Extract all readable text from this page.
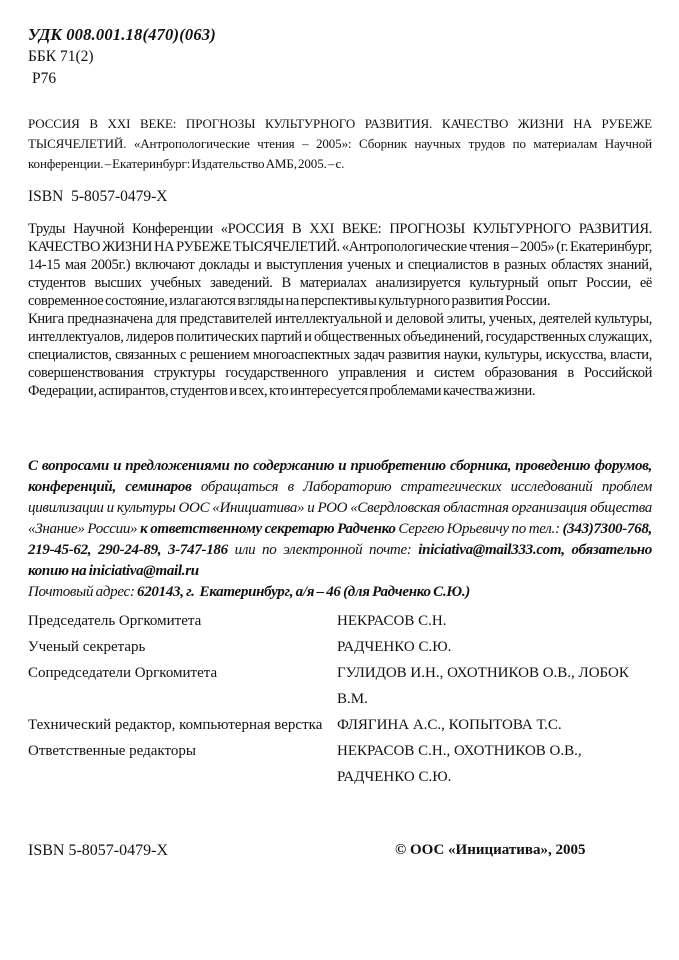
УДК 008.001.18(470)(063)
ББК 71(2)
Р76
РОССИЯ В XXI ВЕКЕ: ПРОГНОЗЫ КУЛЬТУРНОГО РАЗВИТИЯ. КАЧЕСТВО ЖИЗНИ НА РУБЕЖЕ ТЫСЯЧЕЛЕТИЙ. «Антропологические чтения – 2005»: Сборник научных трудов по материалам Научной конференции. – Екатеринбург: Издательство АМБ, 2005. – с.
ISBN  5-8057-0479-X

Труды Научной Конференции «РОССИЯ В XXI ВЕКЕ: ПРОГНОЗЫ КУЛЬТУРНОГО РАЗВИТИЯ. КАЧЕСТВО ЖИЗНИ НА РУБЕЖЕ ТЫСЯЧЕЛЕТИЙ. «Антропологические чтения – 2005» (г. Екатеринбург, 14-15 мая 2005г.) включают доклады и выступления ученых и специалистов в разных областях знаний, студентов высших учебных заведений. В материалах анализируется культурный опыт России, её современное состояние, излагаются взгляды на перспективы культурного развития России.

Книга предназначена для представителей интеллектуальной и деловой элиты, ученых, деятелей культуры, интеллектуалов, лидеров политических партий и общественных объединений, государственных служащих, специалистов, связанных с решением многоаспектных задач развития науки, культуры, искусства, власти, совершенствования структуры государственного управления и систем образования в Российской Федерации, аспирантов, студентов и всех, кто интересуется проблемами качества жизни.

С вопросами и предложениями по содержанию и приобретению сборника, проведению форумов, конференций, семинаров обращаться в Лабораторию стратегических исследований проблем цивилизации и культуры ООС «Инициатива» и РОО «Свердловская областная организация общества «Знание» России» к ответственному секретарю Радченко Сергею Юрьевичу по тел.: (343)7300-768, 219-45-62, 290-24-89, 3-747-186 или по электронной почте: iniciativa@mail333.com, обязательно копию на iniciativa@mail.ru

Почтовый адрес: 620143, г.  Екатеринбург, а/я – 46 (для Радченко С.Ю.)

Председатель Оргкомитета	НЕКРАСОВ С.Н.
Ученый секретарь	РАДЧЕНКО С.Ю.
Сопредседатели Оргкомитета	ГУЛИДОВ И.Н., ОХОТНИКОВ О.В., ЛОБОК В.М.
Технический редактор, компьютерная верстка ФЛЯГИНА А.С., КОПЫТОВА Т.С.
Ответственные редакторы	НЕКРАСОВ С.Н., ОХОТНИКОВ О.В.,
РАДЧЕНКО С.Ю.
ISBN 5-8057-0479-X	© ООС «Инициатива», 2005
